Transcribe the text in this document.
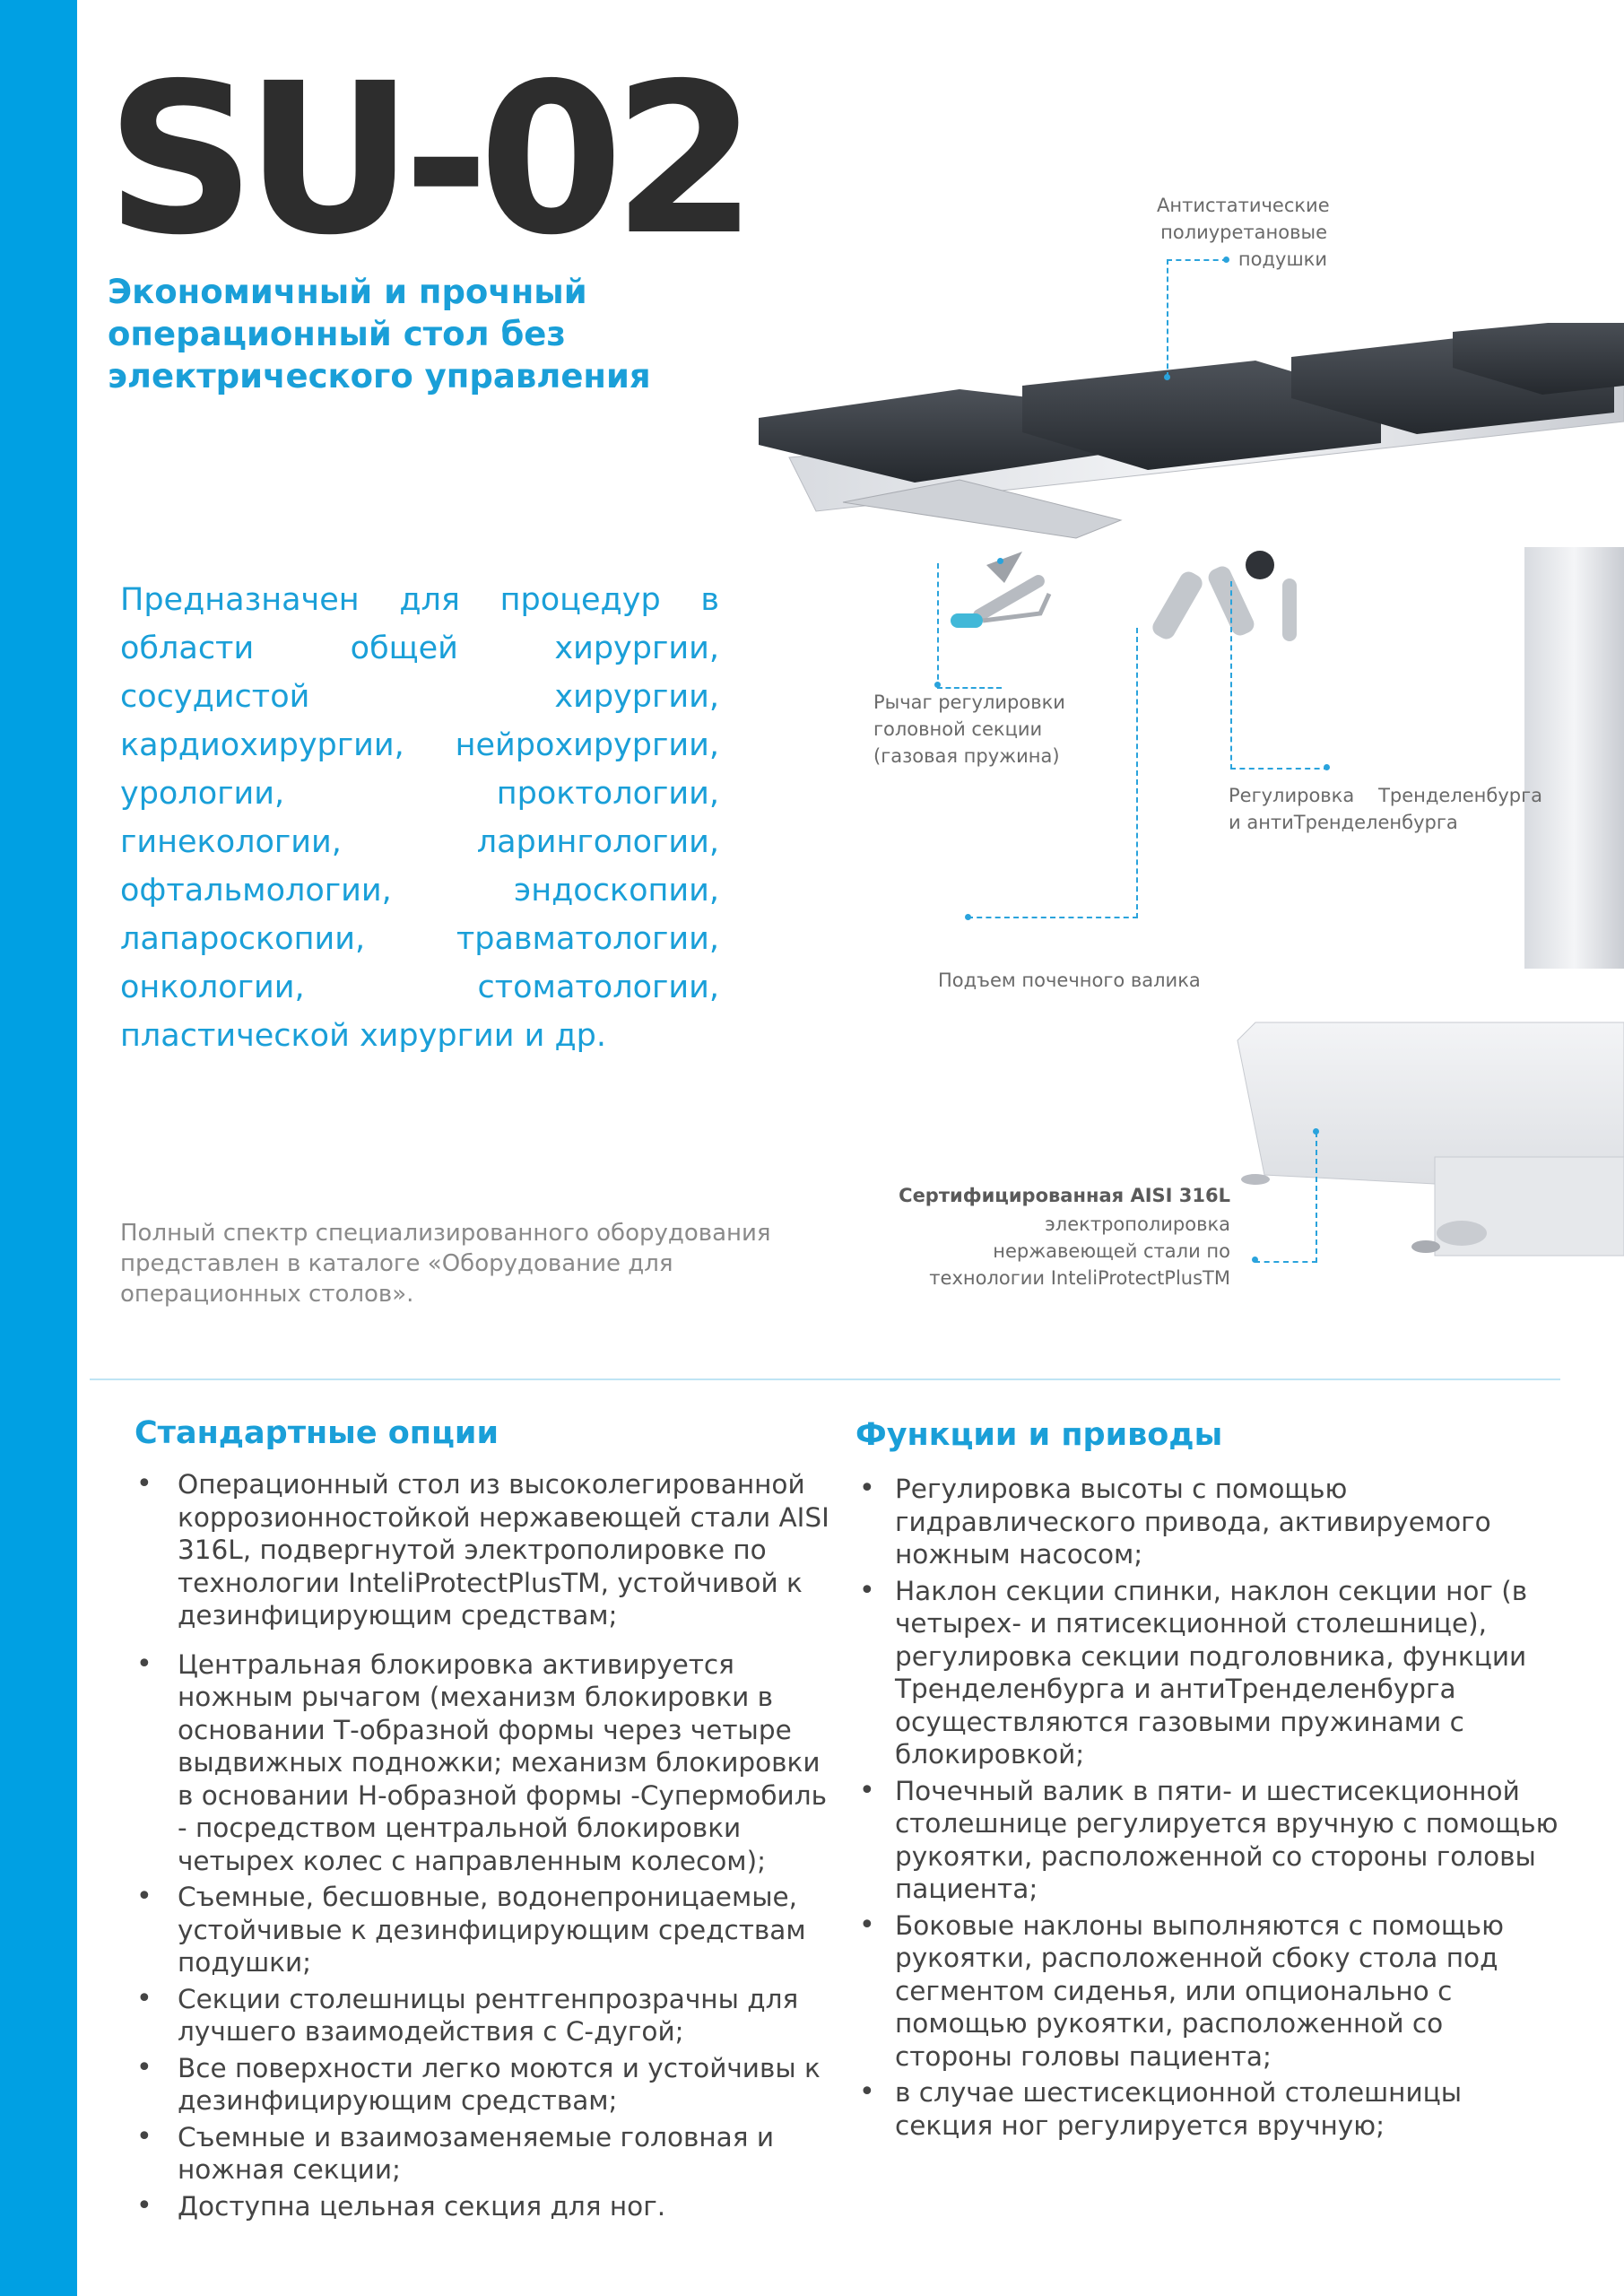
SU-02
Экономичный и прочный операционный стол без электрического управления
Предназначен для процедур в области общей хирургии, сосудистой хирургии, кардиохирургии, нейрохирургии, урологии, проктологии, гинекологии, ларингологии, офтальмологии, эндоскопии, лапароскопии, травматологии, онкологии, стоматологии, пластической хирургии и др.
Полный спектр специализированного оборудования представлен в каталоге «Оборудование для операционных столов».
Антистатические полиуретановые подушки
Рычаг регулировки головной секции (газовая пружина)
Регулировка Тренделенбурга и антиТренделенбурга
Подъем почечного валика
Сертифицированная AISI 316L
электрополировка нержавеющей стали по технологии InteliProtectPlusTM
Стандартные опции
• Операционный стол из высоколегированной коррозионностойкой нержавеющей стали AISI 316L, подвергнутой электрополировке по технологии InteliProtectPlusTM, устойчивой к дезинфицирующим средствам;
• Центральная блокировка активируется ножным рычагом (механизм блокировки в основании Т-образной формы через четыре выдвижных подножки; механизм блокировки в основании Н-образной формы -Супермобиль - посредством центральной блокировки четырех колес с направленным колесом);
• Съемные, бесшовные, водонепроницаемые, устойчивые к дезинфицирующим средствам подушки;
• Секции столешницы рентгенпрозрачны для лучшего взаимодействия с С-дугой;
• Все поверхности легко моются и устойчивы к дезинфицирующим средствам;
• Съемные и взаимозаменяемые головная и ножная секции;
• Доступна цельная секция для ног.
Функции и приводы
• Регулировка высоты с помощью гидравлического привода, активируемого ножным насосом;
• Наклон секции спинки, наклон секции ног (в четырех- и пятисекционной столешнице), регулировка секции подголовника, функции Тренделенбурга и антиТренделенбурга осуществляются газовыми пружинами с блокировкой;
• Почечный валик в пяти- и шестисекционной столешнице регулируется вручную с помощью рукоятки, расположенной со стороны головы пациента;
• Боковые наклоны выполняются с помощью рукоятки, расположенной сбоку стола под сегментом сиденья, или опционально с помощью рукоятки, расположенной со стороны головы пациента;
• в случае шестисекционной столешницы секция ног регулируется вручную;
